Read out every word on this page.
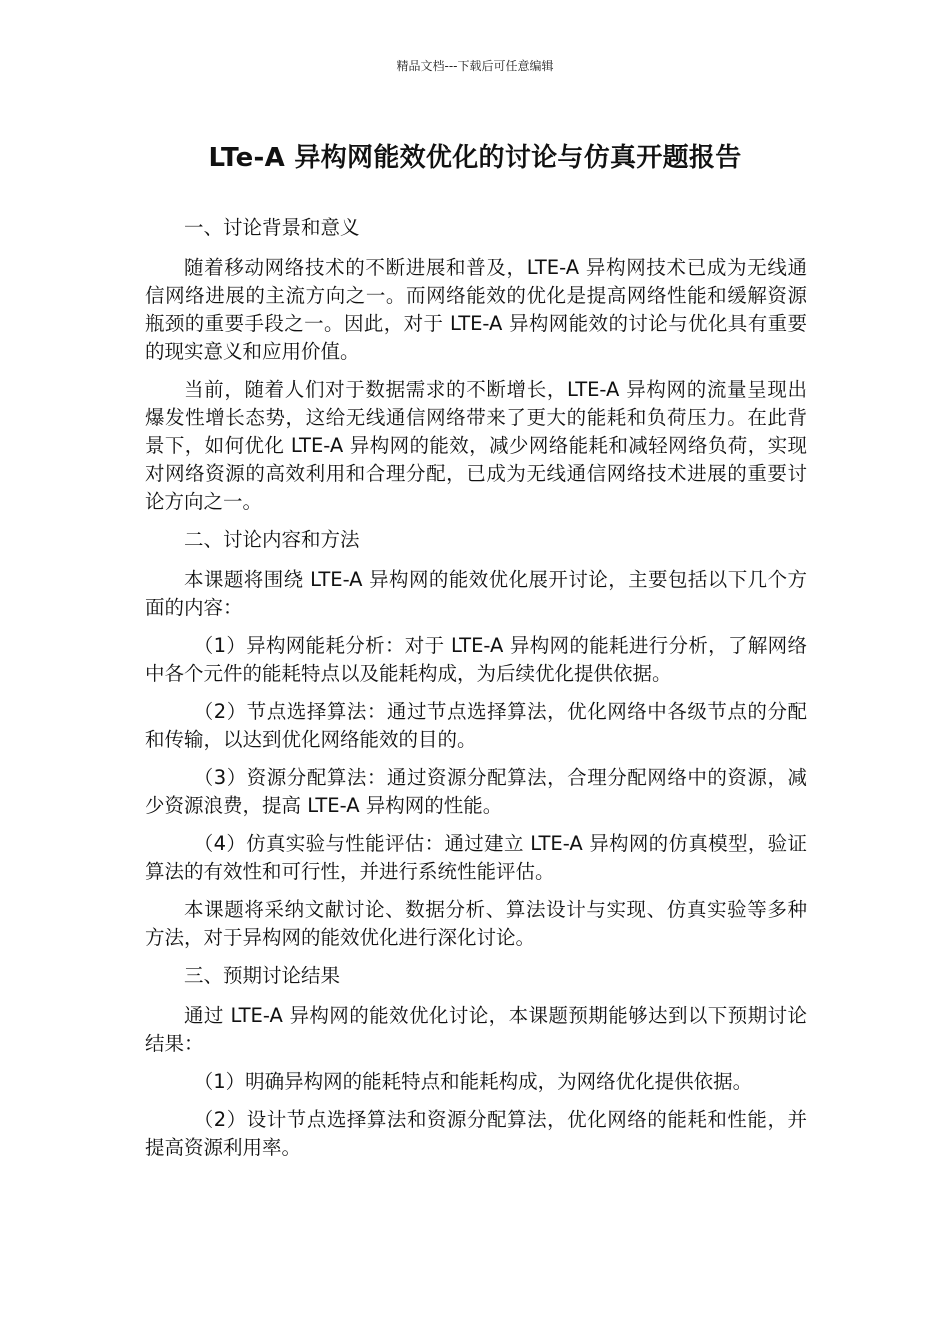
精品文档---下载后可任意编辑
LTe-A 异构网能效优化的讨论与仿真开题报告

一、讨论背景和意义

随着移动网络技术的不断进展和普及，LTE-A 异构网技术已成为无线通信网络进展的主流方向之一。而网络能效的优化是提高网络性能和缓解资源瓶颈的重要手段之一。因此，对于 LTE-A 异构网能效的讨论与优化具有重要的现实意义和应用价值。

当前，随着人们对于数据需求的不断增长，LTE-A 异构网的流量呈现出爆发性增长态势，这给无线通信网络带来了更大的能耗和负荷压力。在此背景下，如何优化 LTE-A 异构网的能效，减少网络能耗和减轻网络负荷，实现对网络资源的高效利用和合理分配，已成为无线通信网络技术进展的重要讨论方向之一。

二、讨论内容和方法

本课题将围绕 LTE-A 异构网的能效优化展开讨论，主要包括以下几个方面的内容：

（1）异构网能耗分析：对于 LTE-A 异构网的能耗进行分析，了解网络中各个元件的能耗特点以及能耗构成，为后续优化提供依据。

（2）节点选择算法：通过节点选择算法，优化网络中各级节点的分配和传输，以达到优化网络能效的目的。

（3）资源分配算法：通过资源分配算法，合理分配网络中的资源，减少资源浪费，提高 LTE-A 异构网的性能。

（4）仿真实验与性能评估：通过建立 LTE-A 异构网的仿真模型，验证算法的有效性和可行性，并进行系统性能评估。

本课题将采纳文献讨论、数据分析、算法设计与实现、仿真实验等多种方法，对于异构网的能效优化进行深化讨论。

三、预期讨论结果

通过 LTE-A 异构网的能效优化讨论，本课题预期能够达到以下预期讨论结果：

（1）明确异构网的能耗特点和能耗构成，为网络优化提供依据。

（2）设计节点选择算法和资源分配算法，优化网络的能耗和性能，并提高资源利用率。
